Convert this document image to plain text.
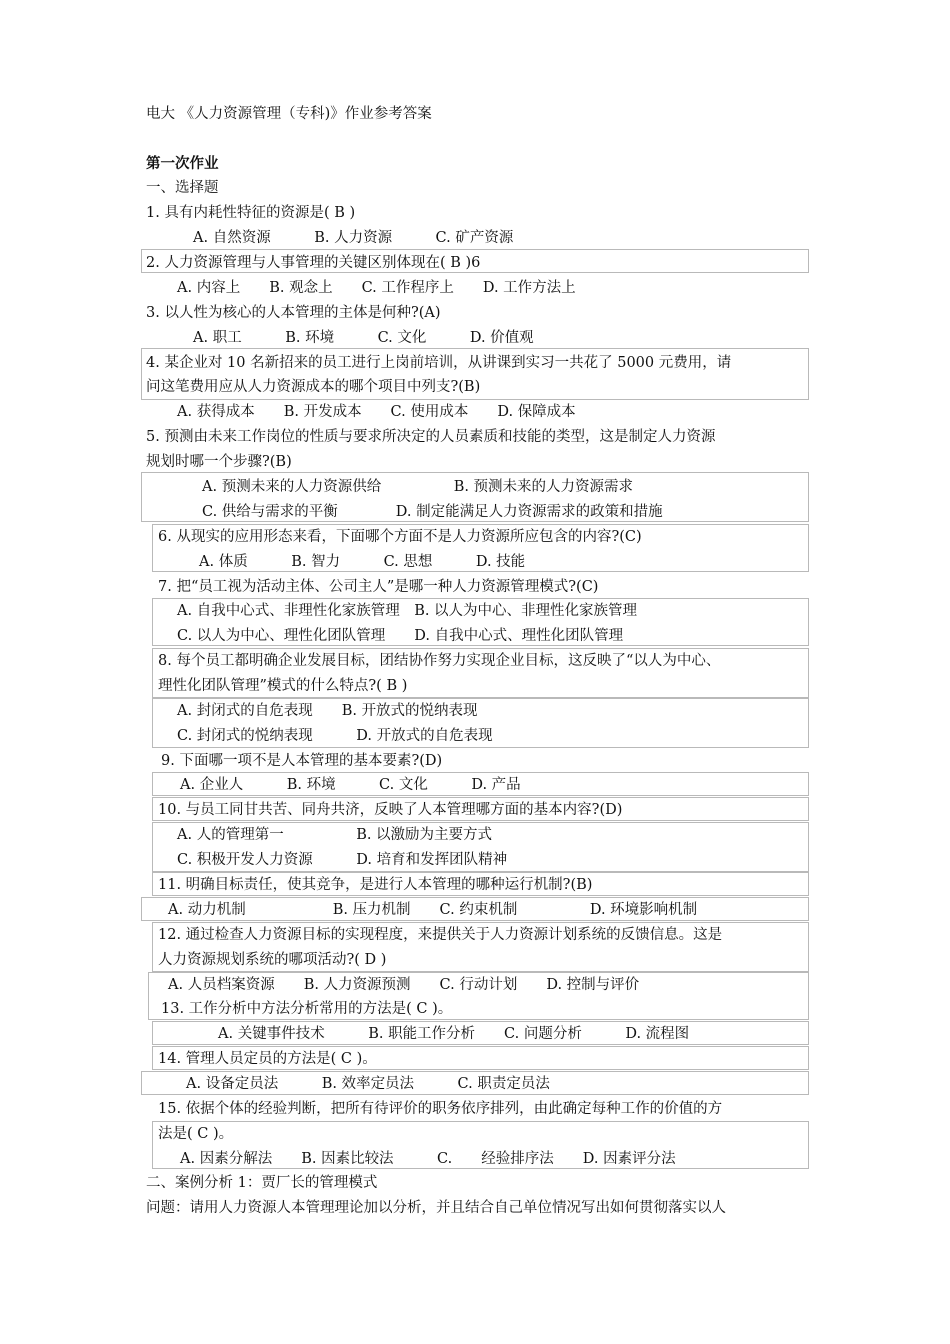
电大 《人力资源管理（专科)》作业参考答案
第一次作业
一、选择题
1. 具有内耗性特征的资源是( B )
A. 自然资源　　　B. 人力资源　　　C. 矿产资源
2. 人力资源管理与人事管理的关键区别体现在( B )6
A. 内容上　　B. 观念上　　C. 工作程序上　　D. 工作方法上
3. 以人性为核心的人本管理的主体是何种?(A)
A. 职工　　　B. 环境　　　C. 文化　　　D. 价值观
4. 某企业对 10 名新招来的员工进行上岗前培训，从讲课到实习一共花了 5000 元费用，请
问这笔费用应从人力资源成本的哪个项目中列支?(B)
A. 获得成本　　B. 开发成本　　C. 使用成本　　D. 保障成本
5. 预测由未来工作岗位的性质与要求所决定的人员素质和技能的类型，这是制定人力资源
规划时哪一个步骤?(B)
A. 预测未来的人力资源供给　　　　　B. 预测未来的人力资源需求
C. 供给与需求的平衡　　　　D. 制定能满足人力资源需求的政策和措施
6. 从现实的应用形态来看，下面哪个方面不是人力资源所应包含的内容?(C)
A. 体质　　　B. 智力　　　C. 思想　　　D. 技能
7. 把“员工视为活动主体、公司主人”是哪一种人力资源管理模式?(C)
A. 自我中心式、非理性化家族管理　B. 以人为中心、非理性化家族管理
C. 以人为中心、理性化团队管理　　D. 自我中心式、理性化团队管理
8. 每个员工都明确企业发展目标，团结协作努力实现企业目标，这反映了“以人为中心、
理性化团队管理”模式的什么特点?( B )
A. 封闭式的自危表现　　B. 开放式的悦纳表现
C. 封闭式的悦纳表现　　　D. 开放式的自危表现
9. 下面哪一项不是人本管理的基本要素?(D)
A. 企业人　　　B. 环境　　　C. 文化　　　D. 产品
10. 与员工同甘共苦、同舟共济，反映了人本管理哪方面的基本内容?(D)
A. 人的管理第一　　　　　B. 以激励为主要方式
C. 积极开发人力资源　　　D. 培育和发挥团队精神
11. 明确目标责任，使其竞争，是进行人本管理的哪种运行机制?(B)
A. 动力机制　　　　　　B. 压力机制　　C. 约束机制　　　　　D. 环境影响机制
12. 通过检查人力资源目标的实现程度，来提供关于人力资源计划系统的反馈信息。这是
人力资源规划系统的哪项活动?( D )
A. 人员档案资源　　B. 人力资源预测　　C. 行动计划　　D. 控制与评价
13. 工作分析中方法分析常用的方法是( C )。
A. 关键事件技术　　　B. 职能工作分析　　C. 问题分析　　　D. 流程图
14. 管理人员定员的方法是( C )。
A. 设备定员法　　　B. 效率定员法　　　C. 职责定员法
15. 依据个体的经验判断，把所有待评价的职务依序排列，由此确定每种工作的价值的方
法是( C )。
A. 因素分解法　　B. 因素比较法　　　C.　　经验排序法　　D. 因素评分法
二、案例分析 1：贾厂长的管理模式
问题：请用人力资源人本管理理论加以分析，并且结合自己单位情况写出如何贯彻落实以人
